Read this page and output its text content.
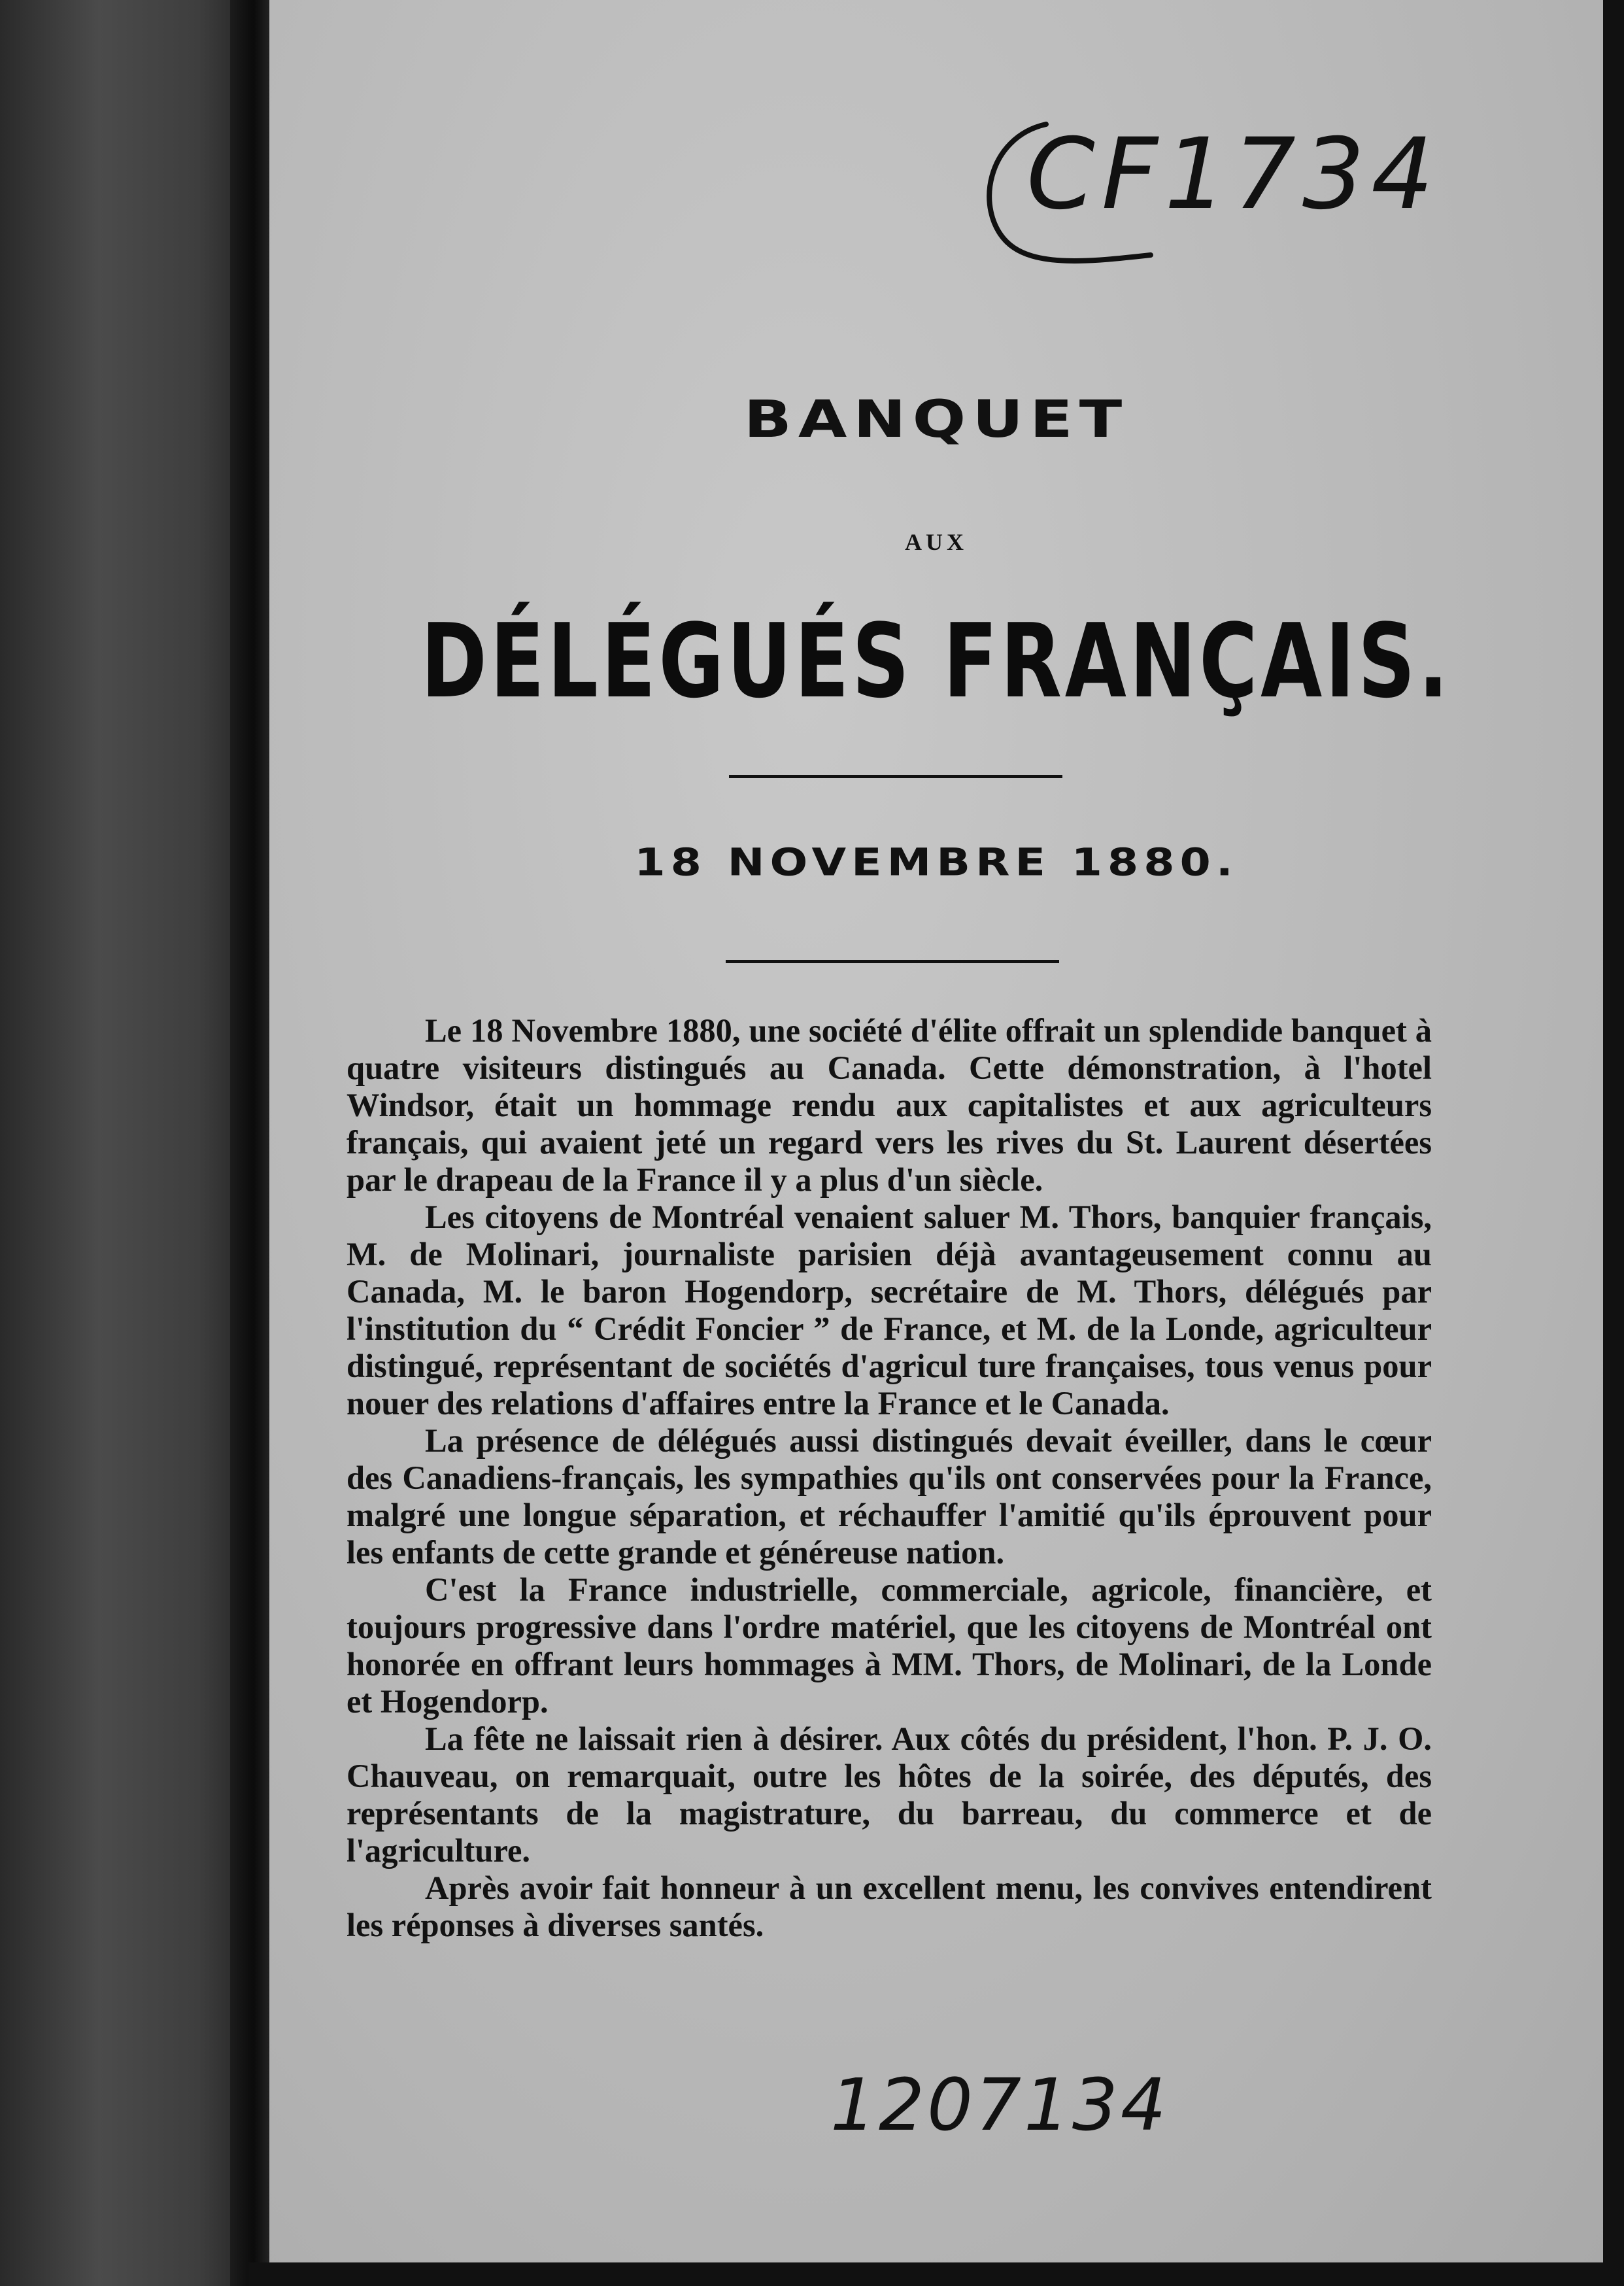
CF1734
BANQUET
AUX
DÉLÉGUÉS FRANÇAIS.
18 NOVEMBRE 1880.

Le 18 Novembre 1880, une société d'élite offrait un splendide banquet à quatre visiteurs distingués au Canada. Cette démonstration, à l'hotel Windsor, était un hommage rendu aux capitalistes et aux agriculteurs français, qui avaient jeté un regard vers les rives du St. Laurent désertées par le drapeau de la France il y a plus d'un siècle.

Les citoyens de Montréal venaient saluer M. Thors, banquier français, M. de Molinari, journaliste parisien déjà avantageusement connu au Canada, M. le baron Hogendorp, secrétaire de M. Thors, délégués par l'institution du “ Crédit Foncier ” de France, et M. de la Londe, agriculteur distingué, représentant de sociétés d'agricul ture françaises, tous venus pour nouer des relations d'affaires entre la France et le Canada.

La présence de délégués aussi distingués devait éveiller, dans le cœur des Canadiens-français, les sympathies qu'ils ont conservées pour la France, malgré une longue séparation, et réchauffer l'amitié qu'ils éprouvent pour les enfants de cette grande et généreuse nation.

C'est la France industrielle, commerciale, agricole, financière, et toujours progressive dans l'ordre matériel, que les citoyens de Montréal ont honorée en offrant leurs hommages à MM. Thors, de Molinari, de la Londe et Hogendorp.

La fête ne laissait rien à désirer. Aux côtés du président, l'hon. P. J. O. Chauveau, on remarquait, outre les hôtes de la soirée, des députés, des représentants de la magistrature, du barreau, du commerce et de l'agriculture.

Après avoir fait honneur à un excellent menu, les convives entendirent les réponses à diverses santés.

1207134
